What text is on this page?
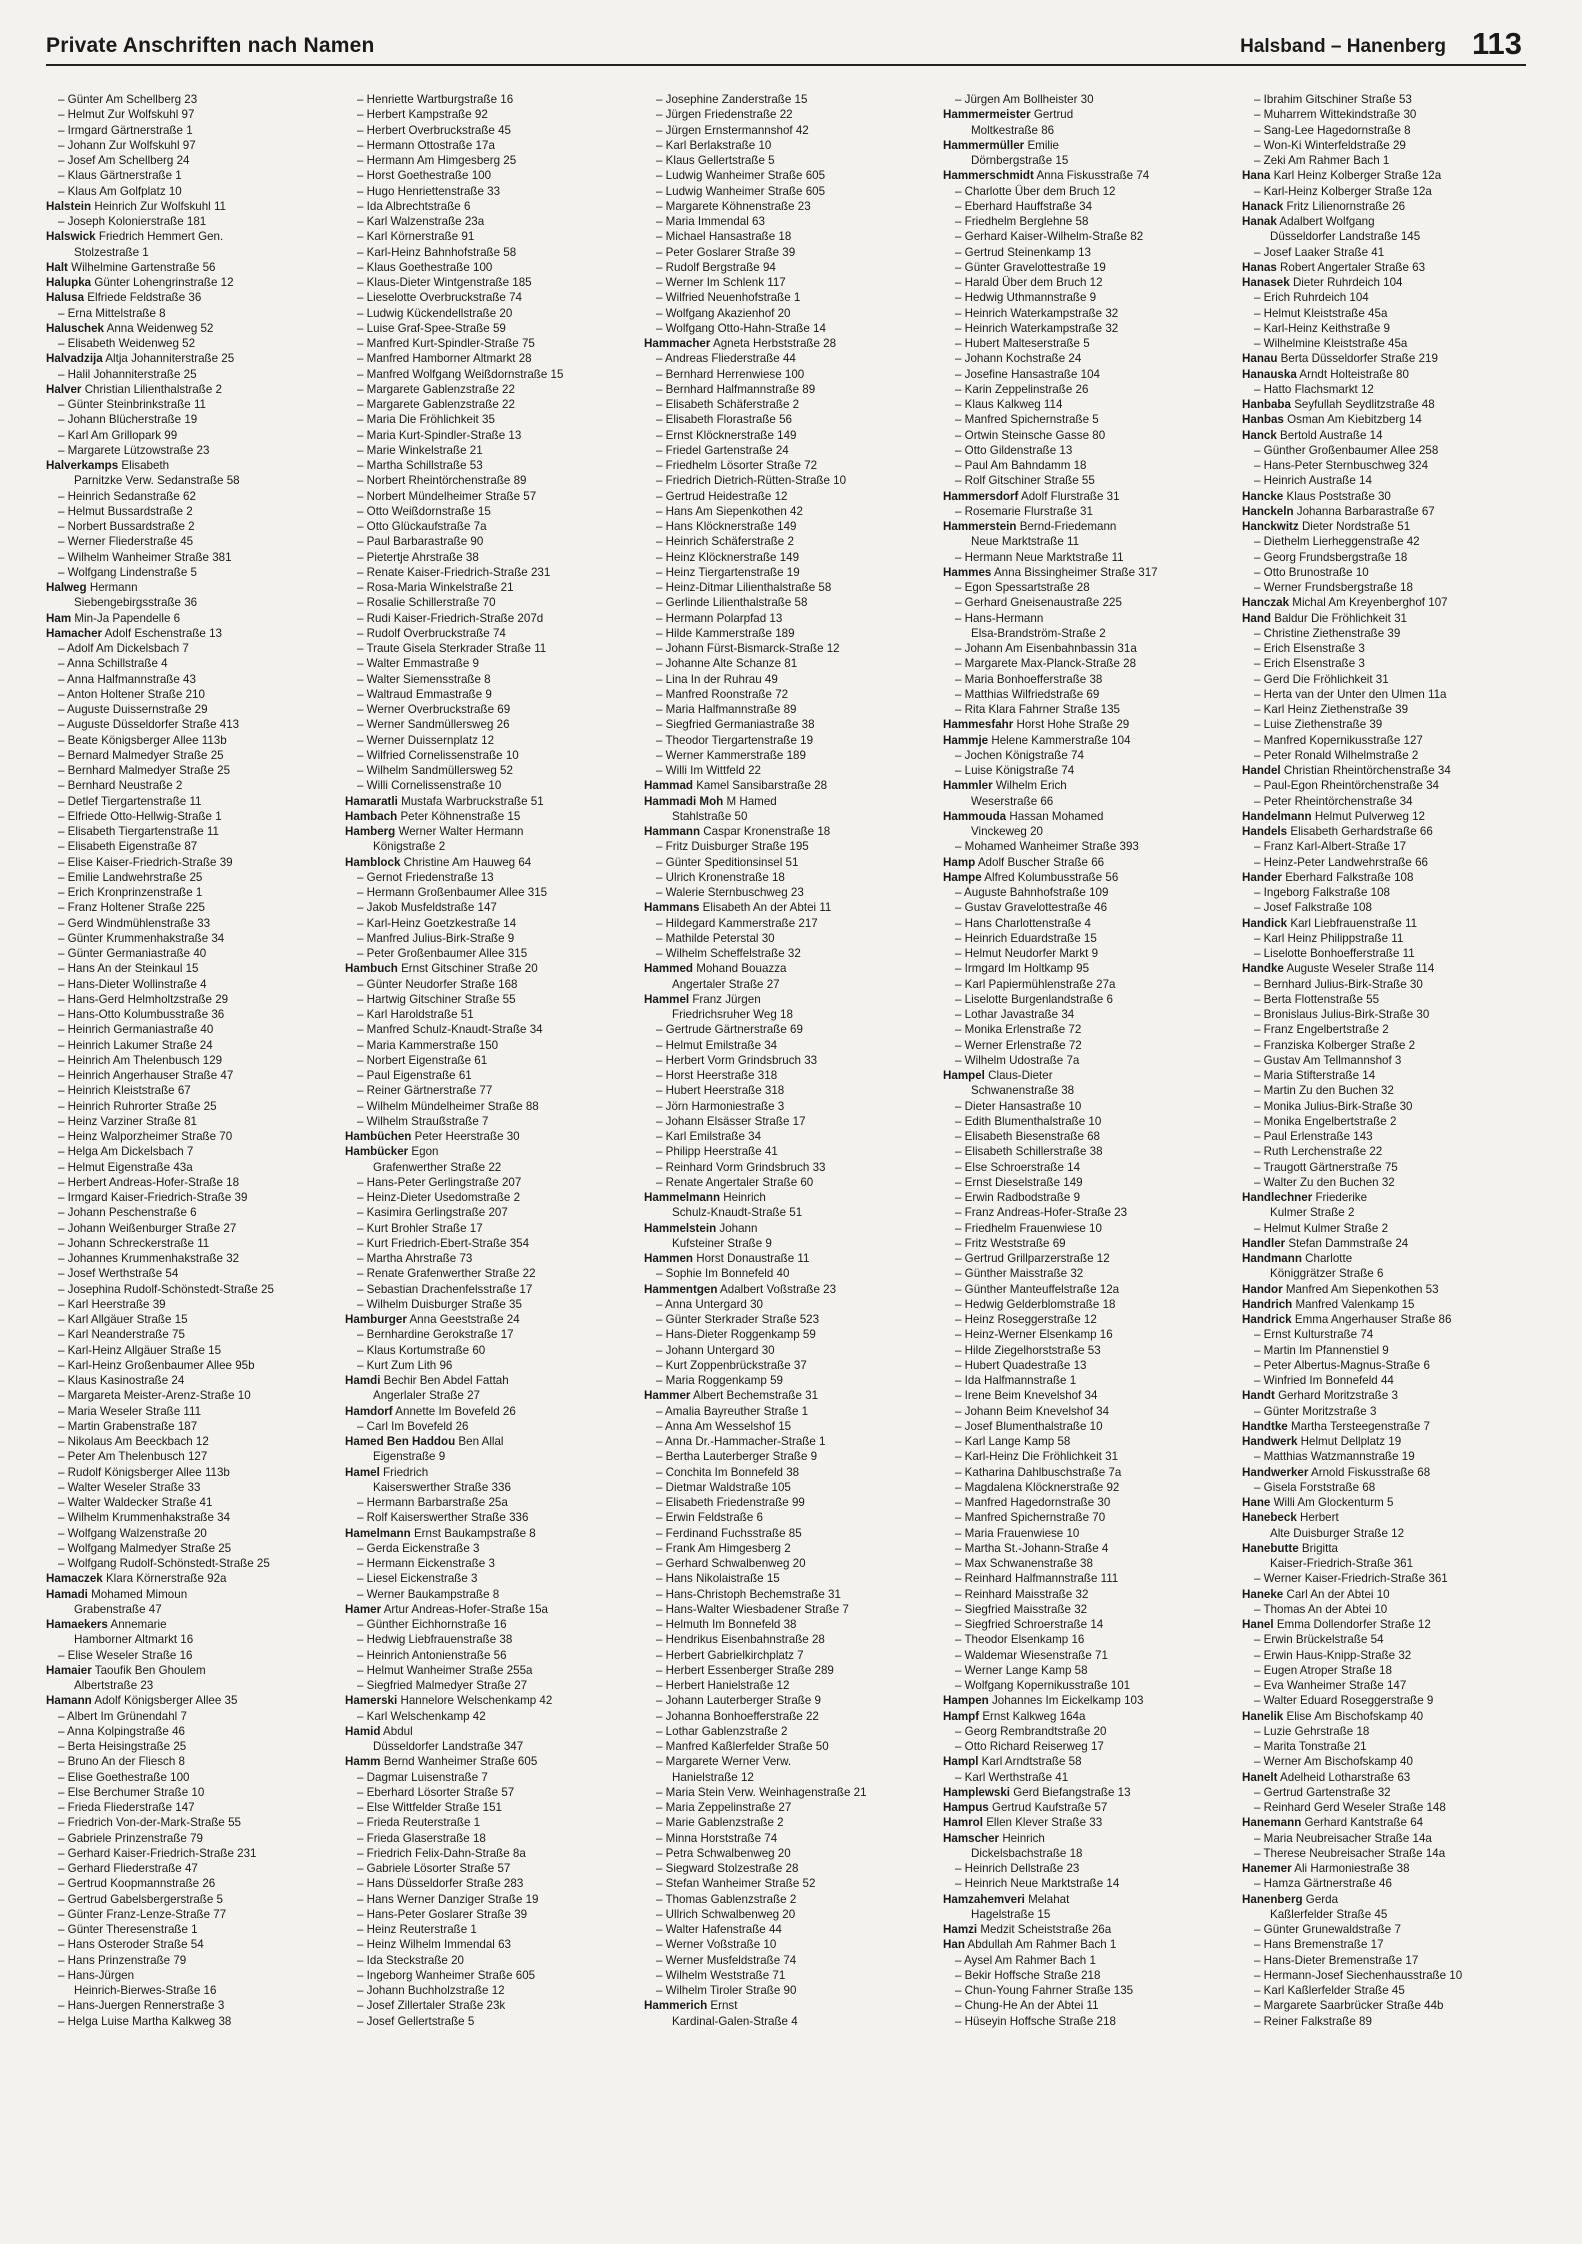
Private Anschriften nach Namen	Halsband – Hanenberg 113
– Günter Am Schellberg 23
– Helmut Zur Wolfskuhl 97
– Irmgard Gärtnerstraße 1
– Johann Zur Wolfskuhl 97
– Josef Am Schellberg 24
– Klaus Gärtnerstraße 1
– Klaus Am Golfplatz 10
Halstein Heinrich Zur Wolfskuhl 11
– Joseph Kolonierstraße 181
Halswick Friedrich Hemmert Gen.
Stolzestraße 1
Halt Wilhelmine Gartenstraße 56
Halupka Günter Lohengrinstraße 12
Halusa Elfriede Feldstraße 36
– Erna Mittelstraße 8
Haluschek Anna Weidenweg 52
– Elisabeth Weidenweg 52
Halvadzija Altja Johanniterstraße 25
– Halil Johanniterstraße 25
Halver Christian Lilienthalstraße 2
– Günter Steinbrinkstraße 11
– Johann Blücherstraße 19
– Karl Am Grillopark 99
– Margarete Lützowstraße 23
Halverkamps Elisabeth
Parnitzke Verw. Sedanstraße 58
– Heinrich Sedanstraße 62
– Helmut Bussardstraße 2
– Norbert Bussardstraße 2
– Werner Fliederstraße 45
– Wilhelm Wanheimer Straße 381
– Wolfgang Lindenstraße 5
Halweg Hermann
Siebengebirgsstraße 36
Ham Min-Ja Papendelle 6
Hamacher Adolf Eschenstraße 13
– Adolf Am Dickelsbach 7
– Anna Schillstraße 4
– Anna Halfmannstraße 43
– Anton Holtener Straße 210
– Auguste Duissernstraße 29
– Auguste Düsseldorfer Straße 413
– Beate Königsberger Allee 113b
– Bernard Malmedyer Straße 25
– Bernhard Malmedyer Straße 25
– Bernhard Neustraße 2
– Detlef Tiergartenstraße 11
– Elfriede Otto-Hellwig-Straße 1
– Elisabeth Tiergartenstraße 11
– Elisabeth Eigenstraße 87
– Elise Kaiser-Friedrich-Straße 39
– Emilie Landwehrstraße 25
– Erich Kronprinzenstraße 1
– Franz Holtener Straße 225
– Gerd Windmühlenstraße 33
– Günter Krummenhakstraße 34
– Günter Germaniastraße 40
– Hans An der Steinkaul 15
– Hans-Dieter Wollinstraße 4
– Hans-Gerd Helmholtzstraße 29
– Hans-Otto Kolumbusstraße 36
– Heinrich Germaniastraße 40
– Heinrich Lakumer Straße 24
– Heinrich Am Thelenbusch 129
– Heinrich Angerhauser Straße 47
– Heinrich Kleiststraße 67
– Heinrich Ruhrorter Straße 25
– Heinz Varziner Straße 81
– Heinz Walporzheimer Straße 70
– Helga Am Dickelsbach 7
– Helmut Eigenstraße 43a
– Herbert Andreas-Hofer-Straße 18
– Irmgard Kaiser-Friedrich-Straße 39
– Johann Peschenstraße 6
– Johann Weißenburger Straße 27
– Johann Schreckerstraße 11
– Johannes Krummenhakstraße 32
– Josef Werthstraße 54
– Josephina Rudolf-Schönstedt-Straße 25
– Karl Heerstraße 39
– Karl Allgäuer Straße 15
– Karl Neanderstraße 75
– Karl-Heinz Allgäuer Straße 15
– Karl-Heinz Großenbaumer Allee 95b
– Klaus Kasinostraße 24
– Margareta Meister-Arenz-Straße 10
– Maria Weseler Straße 111
– Martin Grabenstraße 187
– Nikolaus Am Beeckbach 12
– Peter Am Thelenbusch 127
– Rudolf Königsberger Allee 113b
– Walter Weseler Straße 33
– Walter Waldecker Straße 41
– Wilhelm Krummenhakstraße 34
– Wolfgang Walzenstraße 20
– Wolfgang Malmedyer Straße 25
– Wolfgang Rudolf-Schönstedt-Straße 25
Hamaczek Klara Körnerstraße 92a
Hamadi Mohamed Mimoun
Grabenstraße 47
Hamaekers Annemarie
Hamborner Altmarkt 16
– Elise Weseler Straße 16
Hamaier Taoufik Ben Ghoulem
Albertstraße 23
Hamann Adolf Königsberger Allee 35
– Albert Im Grünendahl 7
– Anna Kolpingstraße 46
– Berta Heisingstraße 25
– Bruno An der Fliesch 8
– Elise Goethestraße 100
– Else Berchumer Straße 10
– Frieda Fliederstraße 147
– Friedrich Von-der-Mark-Straße 55
– Gabriele Prinzenstraße 79
– Gerhard Kaiser-Friedrich-Straße 231
– Gerhard Fliederstraße 47
– Gertrud Koopmannstraße 26
– Gertrud Gabelsbergerstraße 5
– Günter Franz-Lenze-Straße 77
– Günter Theresenstraße 1
– Hans Osteroder Straße 54
– Hans Prinzenstraße 79
– Hans-Jürgen
Heinrich-Bierwes-Straße 16
– Hans-Juergen Rennerstraße 3
– Helga Luise Martha Kalkweg 38
– Henriette Wartburgstraße 16
– Herbert Kampstraße 92
– Herbert Overbruckstraße 45
– Hermann Ottostraße 17a
– Hermann Am Himgesberg 25
– Horst Goethestraße 100
– Hugo Henriettenstraße 33
– Ida Albrechtstraße 6
– Karl Walzenstraße 23a
– Karl Körnerstraße 91
– Karl-Heinz Bahnhofstraße 58
– Klaus Goethestraße 100
– Klaus-Dieter Wintgenstraße 185
– Lieselotte Overbruckstraße 74
– Ludwig Kückendellstraße 20
– Luise Graf-Spee-Straße 59
– Manfred Kurt-Spindler-Straße 75
– Manfred Hamborner Altmarkt 28
– Manfred Wolfgang Weißdornstraße 15
– Margarete Gablenzstraße 22
– Margarete Gablenzstraße 22
– Maria Die Fröhlichkeit 35
– Maria Kurt-Spindler-Straße 13
– Marie Winkelstraße 21
– Martha Schillstraße 53
– Norbert Rheintörchenstraße 89
– Norbert Mündelheimer Straße 57
– Otto Weißdornstraße 15
– Otto Glückaufstraße 7a
– Paul Barbarastraße 90
– Pietertje Ahrstraße 38
– Renate Kaiser-Friedrich-Straße 231
– Rosa-Maria Winkelstraße 21
– Rosalie Schillerstraße 70
– Rudi Kaiser-Friedrich-Straße 207d
– Rudolf Overbruckstraße 74
– Traute Gisela Sterkrader Straße 11
– Walter Emmastraße 9
– Walter Siemensstraße 8
– Waltraud Emmastraße 9
– Werner Overbruckstraße 69
– Werner Sandmüllersweg 26
– Werner Duissernplatz 12
– Wilfried Cornelissenstraße 10
– Wilhelm Sandmüllersweg 52
– Willi Cornelissenstraße 10
Hamaratli Mustafa Warbruckstraße 51
Hambach Peter Köhnenstraße 15
Hamberg Werner Walter Hermann
Königstraße 2
Hamblock Christine Am Hauweg 64
– Gernot Friedenstraße 13
– Hermann Großenbaumer Allee 315
– Jakob Musfeldstraße 147
– Karl-Heinz Goetzkestraße 14
– Manfred Julius-Birk-Straße 9
– Peter Großenbaumer Allee 315
Hambuch Ernst Gitschiner Straße 20
– Günter Neudorfer Straße 168
– Hartwig Gitschiner Straße 55
– Karl Haroldstraße 51
– Manfred Schulz-Knaudt-Straße 34
– Maria Kammerstraße 150
– Norbert Eigenstraße 61
– Paul Eigenstraße 61
– Reiner Gärtnerstraße 77
– Wilhelm Mündelheimer Straße 88
– Wilhelm Straußstraße 7
Hambüchen Peter Heerstraße 30
Hambücker Egon
Grafenwerther Straße 22
– Hans-Peter Gerlingstraße 207
– Heinz-Dieter Usedomstraße 2
– Kasimira Gerlingstraße 207
– Kurt Brohler Straße 17
– Kurt Friedrich-Ebert-Straße 354
– Martha Ahrstraße 73
– Renate Grafenwerther Straße 22
– Sebastian Drachenfelsstraße 17
– Wilhelm Duisburger Straße 35
Hamburger Anna Geeststraße 24
– Bernhardine Gerokstraße 17
– Klaus Kortumstraße 60
– Kurt Zum Lith 96
Hamdi Bechir Ben Abdel Fattah
Angerlaler Straße 27
Hamdorf Annette Im Bovefeld 26
– Carl Im Bovefeld 26
Hamed Ben Haddou Ben Allal
Eigenstraße 9
Hamel Friedrich
Kaiserswerther Straße 336
– Hermann Barbarstraße 25a
– Rolf Kaiserswerther Straße 336
Hamelmann Ernst Baukampstraße 8
– Gerda Eickenstraße 3
– Hermann Eickenstraße 3
– Liesel Eickenstraße 3
– Werner Baukampstraße 8
Hamer Artur Andreas-Hofer-Straße 15a
– Günther Eichhornstraße 16
– Hedwig Liebfrauenstraße 38
– Heinrich Antonienstraße 56
– Helmut Wanheimer Straße 255a
– Siegfried Malmedyer Straße 27
Hamerski Hannelore Welschenkamp 42
– Karl Welschenkamp 42
Hamid Abdul
Düsseldorfer Landstraße 347
Hamm Bernd Wanheimer Straße 605
– Dagmar Luisenstraße 7
– Eberhard Lösorter Straße 57
– Else Wittfelder Straße 151
– Frieda Reuterstraße 1
– Frieda Glaserstraße 18
– Friedrich Felix-Dahn-Straße 8a
– Gabriele Lösorter Straße 57
– Hans Düsseldorfer Straße 283
– Hans Werner Danziger Straße 19
– Hans-Peter Goslarer Straße 39
– Heinz Reuterstraße 1
– Heinz Wilhelm Immendal 63
– Ida Steckstraße 20
– Ingeborg Wanheimer Straße 605
– Johann Buchholzstraße 12
– Josef Zillertaler Straße 23k
– Josef Gellertstraße 5
– Josephine Zanderstraße 15
– Jürgen Friedenstraße 22
– Jürgen Ernstermannshof 42
– Karl Berlakstraße 10
– Klaus Gellertstraße 5
– Ludwig Wanheimer Straße 605
– Ludwig Wanheimer Straße 605
– Margarete Köhnenstraße 23
– Maria Immendal 63
– Michael Hansastraße 18
– Peter Goslarer Straße 39
– Rudolf Bergstraße 94
– Werner Im Schlenk 117
– Wilfried Neuenhofstraße 1
– Wolfgang Akazienhof 20
– Wolfgang Otto-Hahn-Straße 14
Hammacher Agneta Herbststraße 28
– Andreas Fliederstraße 44
– Bernhard Herrenwiese 100
– Bernhard Halfmannstraße 89
– Elisabeth Schäferstraße 2
– Elisabeth Florastraße 56
– Ernst Klöcknerstraße 149
– Friedel Gartenstraße 24
– Friedhelm Lösorter Straße 72
– Friedrich Dietrich-Rütten-Straße 10
– Gertrud Heidestraße 12
– Hans Am Siepenkothen 42
– Hans Klöcknerstraße 149
– Heinrich Schäferstraße 2
– Heinz Klöcknerstraße 149
– Heinz Tiergartenstraße 19
– Heinz-Ditmar Lilienthalstraße 58
– Gerlinde Lilienthalstraße 58
– Hermann Polarpfad 13
– Hilde Kammerstraße 189
– Johann Fürst-Bismarck-Straße 12
– Johanne Alte Schanze 81
– Lina In der Ruhrau 49
– Manfred Roonstraße 72
– Maria Halfmannstraße 89
– Siegfried Germaniastraße 38
– Theodor Tiergartenstraße 19
– Werner Kammerstraße 189
– Willi Im Wittfeld 22
Hammad Kamel Sansibarstraße 28
Hammadi Moh M Hamed
Stahlstraße 50
Hammann Caspar Kronenstraße 18
– Fritz Duisburger Straße 195
– Günter Speditionsinsel 51
– Ulrich Kronenstraße 18
– Walerie Sternbuschweg 23
Hammans Elisabeth An der Abtei 11
– Hildegard Kammerstraße 217
– Mathilde Peterstal 30
– Wilhelm Scheffelstraße 32
Hammed Mohand Bouazza
Angertaler Straße 27
Hammel Franz Jürgen
Friedrichsruher Weg 18
– Gertrude Gärtnerstraße 69
– Helmut Emilstraße 34
– Herbert Vorm Grindsbruch 33
– Horst Heerstraße 318
– Hubert Heerstraße 318
– Jörn Harmoniestraße 3
– Johann Elsässer Straße 17
– Karl Emilstraße 34
– Philipp Heerstraße 41
– Reinhard Vorm Grindsbruch 33
– Renate Angertaler Straße 60
Hammelmann Heinrich
Schulz-Knaudt-Straße 51
Hammelstein Johann
Kufsteiner Straße 9
Hammen Horst Donaustraße 11
– Sophie Im Bonnefeld 40
Hammentgen Adalbert Voßstraße 23
– Anna Untergard 30
– Günter Sterkrader Straße 523
– Hans-Dieter Roggenkamp 59
– Johann Untergard 30
– Kurt Zoppenbrückstraße 37
– Maria Roggenkamp 59
Hammer Albert Bechemstraße 31
– Amalia Bayreuther Straße 1
– Anna Am Wesselshof 15
– Anna Dr.-Hammacher-Straße 1
– Bertha Lauterberger Straße 9
– Conchita Im Bonnefeld 38
– Dietmar Waldstraße 105
– Elisabeth Friedenstraße 99
– Erwin Feldstraße 6
– Ferdinand Fuchsstraße 85
– Frank Am Himgesberg 2
– Gerhard Schwalbenweg 20
– Hans Nikolaistraße 15
– Hans-Christoph Bechemstraße 31
– Hans-Walter Wiesbadener Straße 7
– Helmuth Im Bonnefeld 38
– Hendrikus Eisenbahnstraße 28
– Herbert Gabrielkirchplatz 7
– Herbert Essenberger Straße 289
– Herbert Hanielstraße 12
– Johann Lauterberger Straße 9
– Johanna Bonhoefferstraße 22
– Lothar Gablenzstraße 2
– Manfred Kaßlerfelder Straße 50
– Margarete Werner Verw.
Hanielstraße 12
– Maria Stein Verw. Weinhagenstraße 21
– Maria Zeppelinstraße 27
– Marie Gablenzstraße 2
– Minna Horststraße 74
– Petra Schwalbenweg 20
– Siegward Stolzestraße 28
– Stefan Wanheimer Straße 52
– Thomas Gablenzstraße 2
– Ullrich Schwalbenweg 20
– Walter Hafenstraße 44
– Werner Voßstraße 10
– Werner Musfeldstraße 74
– Wilhelm Weststraße 71
– Wilhelm Tiroler Straße 90
Hammerich Ernst
Kardinal-Galen-Straße 4
– Jürgen Am Bollheister 30
Hammermeister Gertrud
Moltkestraße 86
Hammermüller Emilie
Dörnbergstraße 15
Hammerschmidt Anna Fiskusstraße 74
– Charlotte Über dem Bruch 12
– Eberhard Hauffstraße 34
– Friedhelm Berglehne 58
– Gerhard Kaiser-Wilhelm-Straße 82
– Gertrud Steinenkamp 13
– Günter Gravelottestraße 19
– Harald Über dem Bruch 12
– Hedwig Uthmannstraße 9
– Heinrich Waterkampstraße 32
– Heinrich Waterkampstraße 32
– Hubert Malteserstraße 5
– Johann Kochstraße 24
– Josefine Hansastraße 104
– Karin Zeppelinstraße 26
– Klaus Kalkweg 114
– Manfred Spichernstraße 5
– Ortwin Steinsche Gasse 80
– Otto Gildenstraße 13
– Paul Am Bahndamm 18
– Rolf Gitschiner Straße 55
Hammersdorf Adolf Flurstraße 31
– Rosemarie Flurstraße 31
Hammerstein Bernd-Friedemann
Neue Marktstraße 11
– Hermann Neue Marktstraße 11
Hammes Anna Bissingheimer Straße 317
– Egon Spessartstraße 28
– Gerhard Gneisenaustraße 225
– Hans-Hermann
Elsa-Brandström-Straße 2
– Johann Am Eisenbahnbassin 31a
– Margarete Max-Planck-Straße 28
– Maria Bonhoefferstraße 38
– Matthias Wilfriedstraße 69
– Rita Klara Fahrner Straße 135
Hammesfahr Horst Hohe Straße 29
Hammje Helene Kammerstraße 104
– Jochen Königstraße 74
– Luise Königstraße 74
Hammler Wilhelm Erich
Weserstraße 66
Hammouda Hassan Mohamed
Vinckeweg 20
– Mohamed Wanheimer Straße 393
Hamp Adolf Buscher Straße 66
Hampe Alfred Kolumbusstraße 56
– Auguste Bahnhofstraße 109
– Gustav Gravelottestraße 46
– Hans Charlottenstraße 4
– Heinrich Eduardstraße 15
– Helmut Neudorfer Markt 9
– Irmgard Im Holtkamp 95
– Karl Papiermühlenstraße 27a
– Liselotte Burgenlandstraße 6
– Lothar Javastraße 34
– Monika Erlenstraße 72
– Werner Erlenstraße 72
– Wilhelm Udostraße 7a
Hampel Claus-Dieter
Schwanenstraße 38
– Dieter Hansastraße 10
– Edith Blumenthalstraße 10
– Elisabeth Biesenstraße 68
– Elisabeth Schillerstraße 38
– Else Schroerstraße 14
– Ernst Dieselstraße 149
– Erwin Radbodstraße 9
– Franz Andreas-Hofer-Straße 23
– Friedhelm Frauenwiese 10
– Fritz Weststraße 69
– Gertrud Grillparzerstraße 12
– Günther Maisstraße 32
– Günther Manteuffelstraße 12a
– Hedwig Gelderblomstraße 18
– Heinz Roseggerstraße 12
– Heinz-Werner Elsenkamp 16
– Hilde Ziegelhorststraße 53
– Hubert Quadestraße 13
– Ida Halfmannstraße 1
– Irene Beim Knevelshof 34
– Johann Beim Knevelshof 34
– Josef Blumenthalstraße 10
– Karl Lange Kamp 58
– Karl-Heinz Die Fröhlichkeit 31
– Katharina Dahlbuschstraße 7a
– Magdalena Klöcknerstraße 92
– Manfred Hagedornstraße 30
– Manfred Spichernstraße 70
– Maria Frauenwiese 10
– Martha St.-Johann-Straße 4
– Max Schwanenstraße 38
– Reinhard Halfmannstraße 111
– Reinhard Maisstraße 32
– Siegfried Maisstraße 32
– Siegfried Schroerstraße 14
– Theodor Elsenkamp 16
– Waldemar Wiesenstraße 71
– Werner Lange Kamp 58
– Wolfgang Kopernikusstraße 101
Hampen Johannes Im Eickelkamp 103
Hampf Ernst Kalkweg 164a
– Georg Rembrandtstraße 20
– Otto Richard Reiserweg 17
Hampl Karl Arndtstraße 58
– Karl Werthstraße 41
Hamplewski Gerd Biefangstraße 13
Hampus Gertrud Kaufstraße 57
Hamrol Ellen Klever Straße 33
Hamscher Heinrich
Dickelsbachstraße 18
– Heinrich Dellstraße 23
– Heinrich Neue Marktstraße 14
Hamzahemveri Melahat
Hagelstraße 15
Hamzi Medzit Scheiststraße 26a
Han Abdullah Am Rahmer Bach 1
– Aysel Am Rahmer Bach 1
– Bekir Hoffsche Straße 218
– Chun-Young Fahrner Straße 135
– Chung-He An der Abtei 11
– Hüseyin Hoffsche Straße 218
– Ibrahim Gitschiner Straße 53
– Muharrem Wittekindstraße 30
– Sang-Lee Hagedornstraße 8
– Won-Ki Winterfeldstraße 29
– Zeki Am Rahmer Bach 1
Hana Karl Heinz Kolberger Straße 12a
– Karl-Heinz Kolberger Straße 12a
Hanack Fritz Lilienornstraße 26
Hanak Adalbert Wolfgang
Düsseldorfer Landstraße 145
– Josef Laaker Straße 41
Hanas Robert Angertaler Straße 63
Hanasek Dieter Ruhrdeich 104
– Erich Ruhrdeich 104
– Helmut Kleiststraße 45a
– Karl-Heinz Keithstraße 9
– Wilhelmine Kleiststraße 45a
Hanau Berta Düsseldorfer Straße 219
Hanauska Arndt Holteistraße 80
– Hatto Flachsmarkt 12
Hanbaba Seyfullah Seydlitzstraße 48
Hanbas Osman Am Kiebitzberg 14
Hanck Bertold Austraße 14
– Günther Großenbaumer Allee 258
– Hans-Peter Sternbuschweg 324
– Heinrich Austraße 14
Hancke Klaus Poststraße 30
Hanckeln Johanna Barbarastraße 67
Hanckwitz Dieter Nordstraße 51
– Diethelm Lierheggenstraße 42
– Georg Frundsbergstraße 18
– Otto Brunostraße 10
– Werner Frundsbergstraße 18
Hanczak Michal Am Kreyenberghof 107
Hand Baldur Die Fröhlichkeit 31
– Christine Ziethenstraße 39
– Erich Elsenstraße 3
– Erich Elsenstraße 3
– Gerd Die Fröhlichkeit 31
– Herta van der Unter den Ulmen 11a
– Karl Heinz Ziethenstraße 39
– Luise Ziethenstraße 39
– Manfred Kopernikusstraße 127
– Peter Ronald Wilhelmstraße 2
Handel Christian Rheintörchenstraße 34
– Paul-Egon Rheintörchenstraße 34
– Peter Rheintörchenstraße 34
Handelmann Helmut Pulverweg 12
Handels Elisabeth Gerhardstraße 66
– Franz Karl-Albert-Straße 17
– Heinz-Peter Landwehrstraße 66
Hander Eberhard Falkstraße 108
– Ingeborg Falkstraße 108
– Josef Falkstraße 108
Handick Karl Liebfrauenstraße 11
– Karl Heinz Philippstraße 11
– Liselotte Bonhoefferstraße 11
Handke Auguste Weseler Straße 114
– Bernhard Julius-Birk-Straße 30
– Berta Flottenstraße 55
– Bronislaus Julius-Birk-Straße 30
– Franz Engelbertstraße 2
– Franziska Kolberger Straße 2
– Gustav Am Tellmannshof 3
– Maria Stifterstraße 14
– Martin Zu den Buchen 32
– Monika Julius-Birk-Straße 30
– Monika Engelbertstraße 2
– Paul Erlenstraße 143
– Ruth Lerchenstraße 22
– Traugott Gärtnerstraße 75
– Walter Zu den Buchen 32
Handlechner Friederike
Kulmer Straße 2
– Helmut Kulmer Straße 2
Handler Stefan Dammstraße 24
Handmann Charlotte
Königgrätzer Straße 6
Handor Manfred Am Siepenkothen 53
Handrich Manfred Valenkamp 15
Handrick Emma Angerhauser Straße 86
– Ernst Kulturstraße 74
– Martin Im Pfannenstiel 9
– Peter Albertus-Magnus-Straße 6
– Winfried Im Bonnefeld 44
Handt Gerhard Moritzstraße 3
– Günter Moritzstraße 3
Handtke Martha Tersteegenstraße 7
Handwerk Helmut Dellplatz 19
– Matthias Watzmannstraße 19
Handwerker Arnold Fiskusstraße 68
– Gisela Forststraße 68
Hane Willi Am Glockenturm 5
Hanebeck Herbert
Alte Duisburger Straße 12
Hanebutte Brigitta
Kaiser-Friedrich-Straße 361
– Werner Kaiser-Friedrich-Straße 361
Haneke Carl An der Abtei 10
– Thomas An der Abtei 10
Hanel Emma Dollendorfer Straße 12
– Erwin Brückelstraße 54
– Erwin Haus-Knipp-Straße 32
– Eugen Atroper Straße 18
– Eva Wanheimer Straße 147
– Walter Eduard Roseggerstraße 9
Hanelik Elise Am Bischofskamp 40
– Luzie Gehrstraße 18
– Marita Tonstraße 21
– Werner Am Bischofskamp 40
Hanelt Adelheid Lotharstraße 63
– Gertrud Gartenstraße 32
– Reinhard Gerd Weseler Straße 148
Hanemann Gerhard Kantstraße 64
– Maria Neubreisacher Straße 14a
– Therese Neubreisacher Straße 14a
Hanemer Ali Harmoniestraße 38
– Hamza Gärtnerstraße 46
Hanenberg Gerda
Kaßlerfelder Straße 45
– Günter Grunewaldstraße 7
– Hans Bremenstraße 17
– Hans-Dieter Bremenstraße 17
– Hermann-Josef Siechenhausstraße 10
– Karl Kaßlerfelder Straße 45
– Margarete Saarbrücker Straße 44b
– Reiner Falkstraße 89
